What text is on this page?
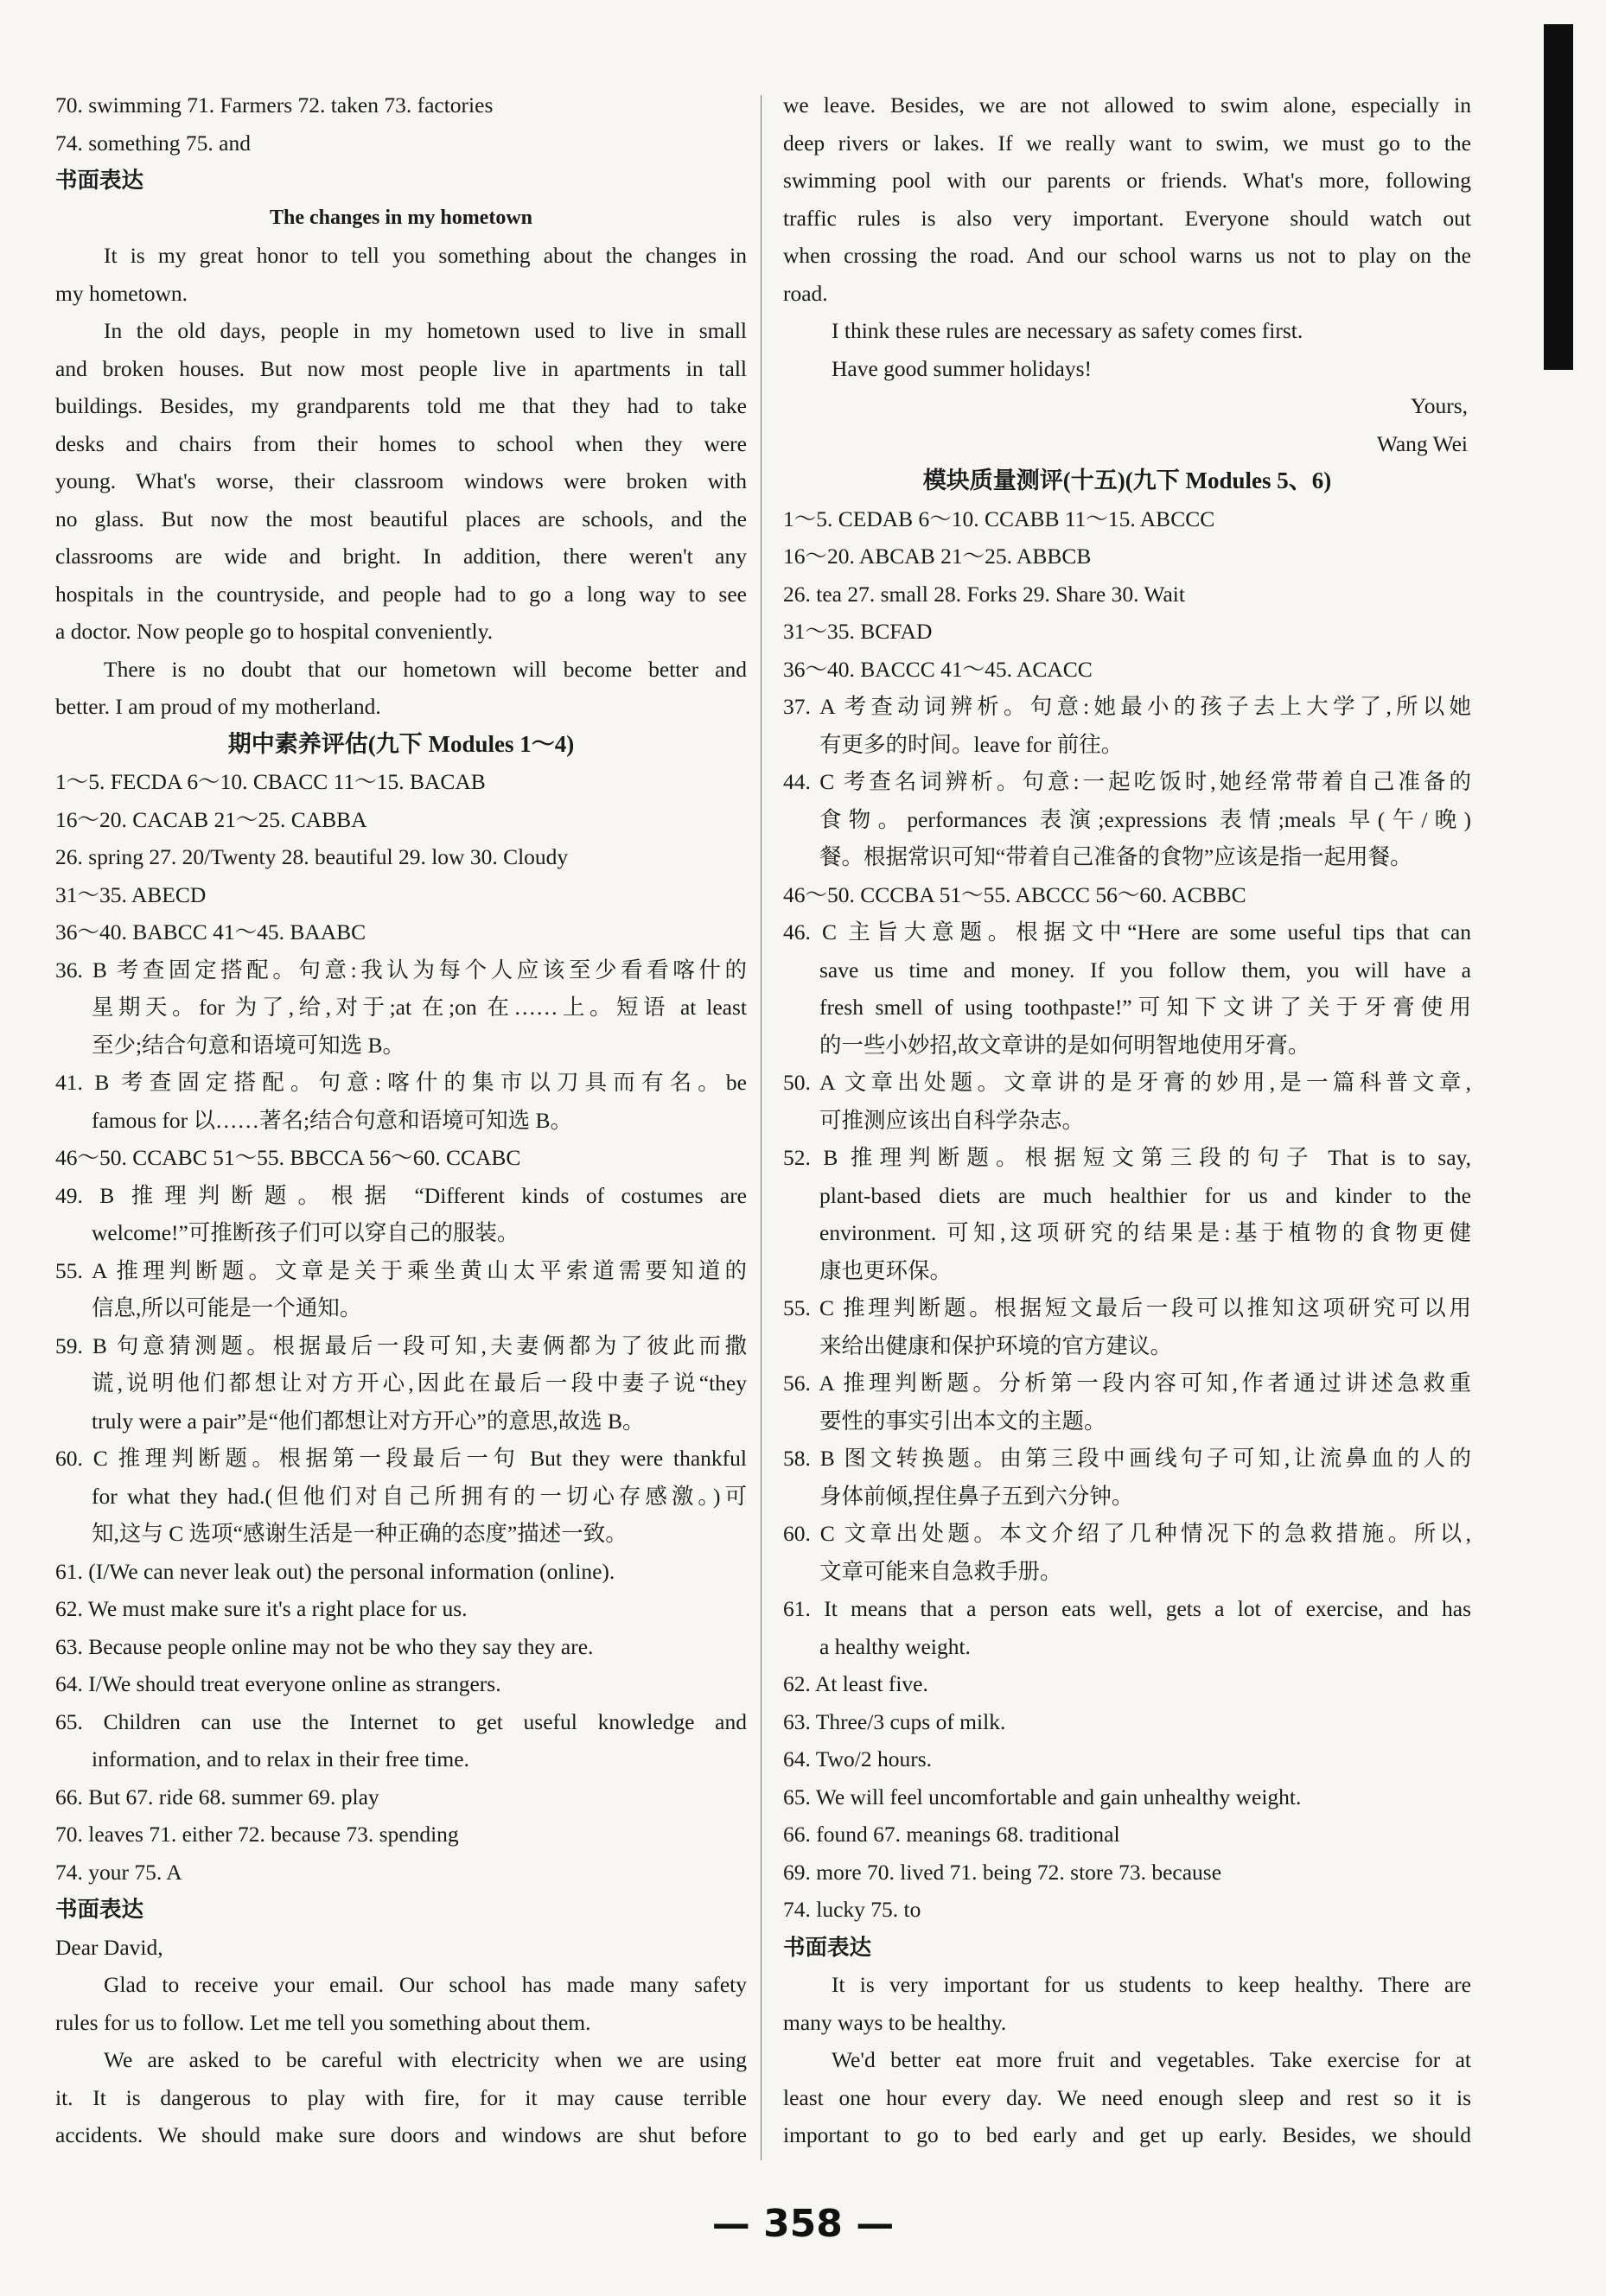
70. swimming 71. Farmers 72. taken 73. factories

74. something 75. and

书面表达

The changes in my hometown

It is my great honor to tell you something about the changes in

my hometown.

In the old days, people in my hometown used to live in small

and broken houses. But now most people live in apartments in tall

buildings. Besides, my grandparents told me that they had to take

desks and chairs from their homes to school when they were

young. What's worse, their classroom windows were broken with

no glass. But now the most beautiful places are schools, and the

classrooms are wide and bright. In addition, there weren't any

hospitals in the countryside, and people had to go a long way to see

a doctor. Now people go to hospital conveniently.

There is no doubt that our hometown will become better and

better. I am proud of my motherland.

期中素养评估(九下 Modules 1～4)

1～5. FECDA 6～10. CBACC 11～15. BACAB

16～20. CACAB 21～25. CABBA

26. spring 27. 20/Twenty 28. beautiful 29. low 30. Cloudy

31～35. ABECD

36～40. BABCC 41～45. BAABC

36. B 考查固定搭配。句意:我认为每个人应该至少看看喀什的

星期天。for 为了,给,对于;at 在;on 在……上。短语 at least

至少;结合句意和语境可知选 B。

41. B 考查固定搭配。句意:喀什的集市以刀具而有名。be

famous for 以……著名;结合句意和语境可知选 B。

46～50. CCABC 51～55. BBCCA 56～60. CCABC

49. B 推理判断题。根据 “Different kinds of costumes are

welcome!”可推断孩子们可以穿自己的服装。

55. A 推理判断题。文章是关于乘坐黄山太平索道需要知道的

信息,所以可能是一个通知。

59. B 句意猜测题。根据最后一段可知,夫妻俩都为了彼此而撒

谎,说明他们都想让对方开心,因此在最后一段中妻子说“they

truly were a pair”是“他们都想让对方开心”的意思,故选 B。

60. C 推理判断题。根据第一段最后一句 But they were thankful

for what they had.(但他们对自己所拥有的一切心存感激。)可

知,这与 C 选项“感谢生活是一种正确的态度”描述一致。

61. (I/We can never leak out) the personal information (online).

62. We must make sure it's a right place for us.

63. Because people online may not be who they say they are.

64. I/We should treat everyone online as strangers.

65. Children can use the Internet to get useful knowledge and

information, and to relax in their free time.

66. But 67. ride 68. summer 69. play

70. leaves 71. either 72. because 73. spending

74. your 75. A

书面表达

Dear David,

Glad to receive your email. Our school has made many safety

rules for us to follow. Let me tell you something about them.

We are asked to be careful with electricity when we are using

it. It is dangerous to play with fire, for it may cause terrible

accidents. We should make sure doors and windows are shut before

we leave. Besides, we are not allowed to swim alone, especially in

deep rivers or lakes. If we really want to swim, we must go to the

swimming pool with our parents or friends. What's more, following

traffic rules is also very important. Everyone should watch out

when crossing the road. And our school warns us not to play on the

road.

I think these rules are necessary as safety comes first.

Have good summer holidays!

Yours,

Wang Wei

模块质量测评(十五)(九下 Modules 5、6)

1～5. CEDAB 6～10. CCABB 11～15. ABCCC

16～20. ABCAB 21～25. ABBCB

26. tea 27. small 28. Forks 29. Share 30. Wait

31～35. BCFAD

36～40. BACCC 41～45. ACACC

37. A 考查动词辨析。句意:她最小的孩子去上大学了,所以她

有更多的时间。leave for 前往。

44. C 考查名词辨析。句意:一起吃饭时,她经常带着自己准备的

食物。performances 表演;expressions 表情;meals 早(午/晚)

餐。根据常识可知“带着自己准备的食物”应该是指一起用餐。

46～50. CCCBA 51～55. ABCCC 56～60. ACBBC

46. C 主旨大意题。根据文中“Here are some useful tips that can

save us time and money. If you follow them, you will have a

fresh smell of using toothpaste!”可知下文讲了关于牙膏使用

的一些小妙招,故文章讲的是如何明智地使用牙膏。

50. A 文章出处题。文章讲的是牙膏的妙用,是一篇科普文章,

可推测应该出自科学杂志。

52. B 推理判断题。根据短文第三段的句子 That is to say,

plant-based diets are much healthier for us and kinder to the

environment. 可知,这项研究的结果是:基于植物的食物更健

康也更环保。

55. C 推理判断题。根据短文最后一段可以推知这项研究可以用

来给出健康和保护环境的官方建议。

56. A 推理判断题。分析第一段内容可知,作者通过讲述急救重

要性的事实引出本文的主题。

58. B 图文转换题。由第三段中画线句子可知,让流鼻血的人的

身体前倾,捏住鼻子五到六分钟。

60. C 文章出处题。本文介绍了几种情况下的急救措施。所以,

文章可能来自急救手册。

61. It means that a person eats well, gets a lot of exercise, and has

a healthy weight.

62. At least five.

63. Three/3 cups of milk.

64. Two/2 hours.

65. We will feel uncomfortable and gain unhealthy weight.

66. found 67. meanings 68. traditional

69. more 70. lived 71. being 72. store 73. because

74. lucky 75. to

书面表达

It is very important for us students to keep healthy. There are

many ways to be healthy.

We'd better eat more fruit and vegetables. Take exercise for at

least one hour every day. We need enough sleep and rest so it is

important to go to bed early and get up early. Besides, we should

— 358 —
